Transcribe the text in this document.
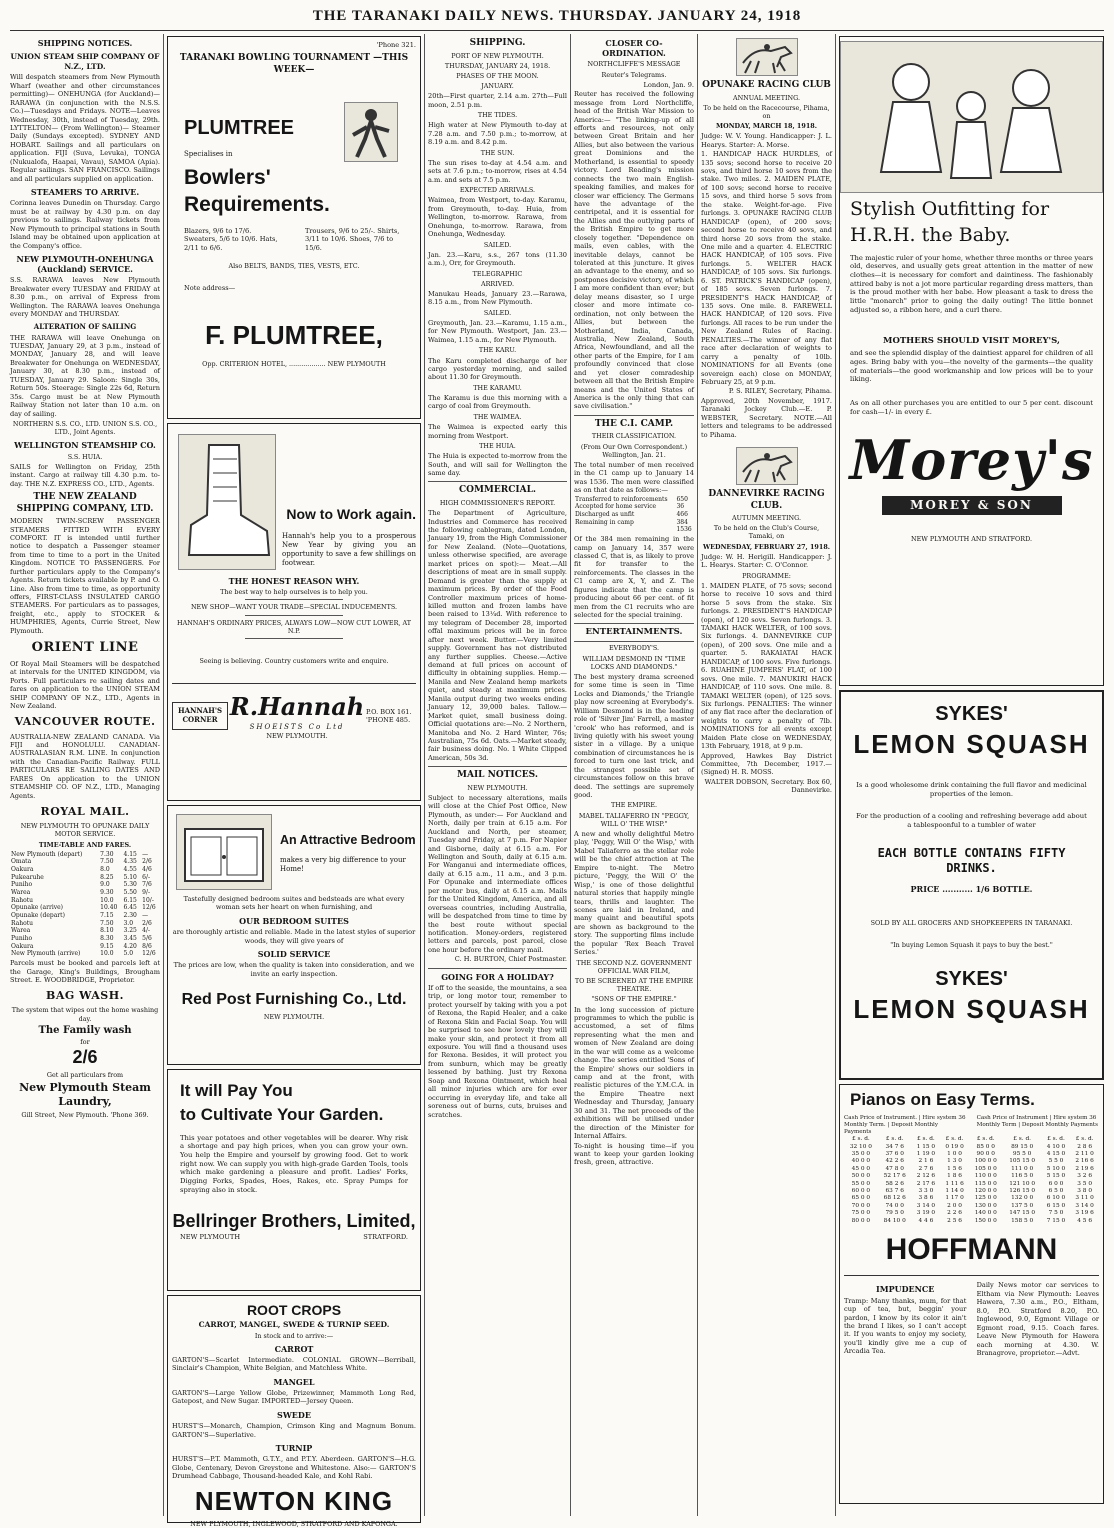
THE TARANAKI DAILY NEWS. THURSDAY. JANUARY 24, 1918
SHIPPING NOTICES.
UNION STEAM SHIP COMPANY OF N.Z., LTD.
Will despatch steamers from New Plymouth Wharf (weather and other circumstances permitting)— ONEHUNGA (for Auckland)— RARAWA (in conjunction with the N.S.S. Co.)—Tuesdays and Fridays. NOTE—Leaves Wednesday, 30th, instead of Tuesday, 29th. LYTTELTON— (From Wellington)— Steamer Daily (Sundays excepted). SYDNEY AND HOBART. Sailings and all particulars on application. FIJI (Suva, Levuka), TONGA (Nukualofa, Haapai, Vavau), SAMOA (Apia). Regular sailings. SAN FRANCISCO. Sailings and all particulars supplied on application.
STEAMERS TO ARRIVE.
Corinna leaves Dunedin on Thursday. Cargo must be at railway by 4.30 p.m. on day previous to sailings. Railway tickets from New Plymouth to principal stations in South Island may be obtained upon application at the Company's office.
NEW PLYMOUTH-ONEHUNGA (Auckland) SERVICE.
S.S. RARAWA leaves New Plymouth Breakwater every TUESDAY and FRIDAY at 8.30 p.m., on arrival of Express from Wellington. The RARAWA leaves Onehunga every MONDAY and THURSDAY.
ALTERATION OF SAILING
THE RARAWA will leave Onehunga on TUESDAY, January 29, at 3 p.m., instead of MONDAY, January 28, and will leave Breakwater for Onehunga on WEDNESDAY, January 30, at 8.30 p.m., instead of TUESDAY, January 29. Saloon: Single 30s, Return 50s. Steerage: Single 22s 6d, Return 35s. Cargo must be at New Plymouth Railway Station not later than 10 a.m. on day of sailing.
NORTHERN S.S. CO., LTD. UNION S.S. CO., LTD., Joint Agents.
WELLINGTON STEAMSHIP CO.
S.S. HUIA.
SAILS for Wellington on Friday, 25th instant. Cargo at railway till 4.30 p.m. to-day. THE N.Z. EXPRESS CO., LTD., Agents.
THE NEW ZEALAND SHIPPING COMPANY, LTD.
MODERN TWIN-SCREW PASSENGER STEAMERS FITTED WITH EVERY COMFORT. IT is intended until further notice to despatch a Passenger steamer from time to time to a port in the United Kingdom. NOTICE TO PASSENGERS. For further particulars apply to the Company's Agents. Return tickets available by P. and O. Line. Also from time to time, as opportunity offers, FIRST-CLASS INSULATED CARGO STEAMERS. For particulars as to passages, freight, etc., apply to STOCKER & HUMPHRIES, Agents, Currie Street, New Plymouth.
ORIENT LINE
Of Royal Mail Steamers will be despatched at intervals for the UNITED KINGDOM, via Ports. Full particulars re sailing dates and fares on application to the UNION STEAM SHIP COMPANY OF N.Z., LTD., Agents in New Zealand.
VANCOUVER ROUTE.
AUSTRALIA-NEW ZEALAND CANADA. Via FIJI and HONOLULU. CANADIAN-AUSTRALASIAN R.M. LINE. In conjunction with the Canadian-Pacific Railway. FULL PARTICULARS RE SAILING DATES AND FARES On application to the UNION STEAMSHIP CO. OF N.Z., LTD., Managing Agents.
ROYAL MAIL.
NEW PLYMOUTH TO OPUNAKE DAILY MOTOR SERVICE.
TIME-TABLE AND FARES.
New Plymouth (depart)	7.30	4.15	—
Omata	7.50	4.35	2/6
Oakura	8.0	4.55	4/6
Pukearuhe	8.25	5.10	6/-
Puniho	9.0	5.30	7/6
Warea	9.30	5.50	9/-
Rahotu	10.0	6.15	10/-
Opunake (arrive)	10.40	6.45	12/6
Opunake (depart)	7.15	2.30	—
Rahotu	7.50	3.0	2/6
Warea	8.10	3.25	4/-
Puniho	8.30	3.45	5/6
Oakura	9.15	4.20	8/6
New Plymouth (arrive)	10.0	5.0	12/6
Parcels must be booked and parcels left at the Garage, King's Buildings, Brougham Street. E. WOODBRIDGE, Proprietor.
BAG WASH.
The system that wipes out the home washing day.
The Family wash
for
2/6
Get all particulars from
New Plymouth Steam Laundry,
Gill Street, New Plymouth. 'Phone 369.
'Phone 321.
TARANAKI BOWLING TOURNAMENT —THIS WEEK—
PLUMTREE
Specialises in
Bowlers' Requirements.
Blazers, 9/6 to 17/6. Sweaters, 5/6 to 10/6. Hats, 2/11 to 6/6.
Trousers, 9/6 to 25/-. Shirts, 3/11 to 10/6. Shoes, 7/6 to 15/6.
Also BELTS, BANDS, TIES, VESTS, ETC.
Note address—
F. PLUMTREE,
Opp. CRITERION HOTEL, .................. NEW PLYMOUTH
Now to Work again.
Hannah's help you to a prosperous New Year by giving you an opportunity to save a few shillings on footwear.
THE HONEST REASON WHY.
The best way to help ourselves is to help you.
NEW SHOP—WANT YOUR TRADE—SPECIAL INDUCEMENTS.
HANNAH'S ORDINARY PRICES, ALWAYS LOW—NOW CUT LOWER, AT N.P.
Seeing is believing. Country customers write and enquire.
HANNAH'S CORNER R.Hannah
SHOEISTS Co Ltd
NEW PLYMOUTH.
P.O. BOX 161. 'PHONE 485.
An Attractive Bedroom
makes a very big difference to your Home!
Tastefully designed bedroom suites and bedsteads are what every woman sets her heart on when furnishing, and
OUR BEDROOM SUITES
are thoroughly artistic and reliable. Made in the latest styles of superior woods, they will give years of
SOLID SERVICE
The prices are low, when the quality is taken into consideration, and we invite an early inspection.
Red Post Furnishing Co., Ltd.
NEW PLYMOUTH.
It will Pay You
to Cultivate Your Garden.
This year potatoes and other vegetables will be dearer. Why risk a shortage and pay high prices, when you can grow your own. You help the Empire and yourself by growing food. Get to work right now. We can supply you with high-grade Garden Tools, tools which make gardening a pleasure and profit. Ladies' Forks, Digging Forks, Spades, Hoes, Rakes, etc. Spray Pumps for spraying also in stock.
Bellringer Brothers, Limited,
NEW PLYMOUTH	STRATFORD.
ROOT CROPS
CARROT, MANGEL, SWEDE & TURNIP SEED.
In stock and to arrive:—
CARROT
GARTON'S—Scarlet Intermediate. COLONIAL GROWN—Berriball, Sinclair's Champion, White Belgian, and Matchless White.
MANGEL
GARTON'S—Large Yellow Globe, Prizewinner, Mammoth Long Red, Gatepost, and New Sugar. IMPORTED—Jersey Queen.
SWEDE
HURST'S—Monarch, Champion, Crimson King and Magnum Bonum. GARTON'S—Superlative.
TURNIP
HURST'S—P.T. Mammoth, G.T.Y., and P.T.Y. Aberdeen. GARTON'S—H.G. Globe, Centenary, Devon Greystone and Whitestone. Also:— GARTON'S Drumhead Cabbage, Thousand-headed Kale, and Kohl Rabi.
NEWTON KING
NEW PLYMOUTH, INGLEWOOD, STRATFORD AND KAPONGA.
SHIPPING.
PORT OF NEW PLYMOUTH.
THURSDAY, JANUARY 24, 1918.
PHASES OF THE MOON.
JANUARY.
20th—First quarter, 2.14 a.m. 27th—Full moon, 2.51 p.m.
THE TIDES.
High water at New Plymouth to-day at 7.28 a.m. and 7.50 p.m.; to-morrow, at 8.19 a.m. and 8.42 p.m.
THE SUN.
The sun rises to-day at 4.54 a.m. and sets at 7.6 p.m.; to-morrow, rises at 4.54 a.m. and sets at 7.5 p.m.
EXPECTED ARRIVALS.
Waimea, from Westport, to-day. Karamu, from Greymouth, to-day. Huia, from Wellington, to-morrow. Rarawa, from Onehunga, to-morrow. Rarawa, from Onehunga, Wednesday.
SAILED.
Jan. 23.—Karu, s.s., 267 tons (11.30 a.m.), Orr, for Greymouth.
TELEGRAPHIC
ARRIVED.
Manukau Heads, January 23.—Rarawa, 8.15 a.m., from New Plymouth.
SAILED.
Greymouth, Jan. 23.—Karamu, 1.15 a.m., for New Plymouth. Westport, Jan. 23.—Waimea, 1.15 a.m., for New Plymouth.
THE KARU.
The Karu completed discharge of her cargo yesterday morning, and sailed about 11.30 for Greymouth.
THE KARAMU.
The Karamu is due this morning with a cargo of coal from Greymouth.
THE WAIMEA.
The Waimea is expected early this morning from Westport.
THE HUIA.
The Huia is expected to-morrow from the South, and will sail for Wellington the same day.
COMMERCIAL.
HIGH COMMISSIONER'S REPORT.
The Department of Agriculture, Industries and Commerce has received the following cablegram, dated London, January 19, from the High Commissioner for New Zealand. (Note—Quotations, unless otherwise specified, are average market prices on spot):— Meat.—All descriptions of meat are in small supply. Demand is greater than the supply at maximum prices. By order of the Food Controller maximum prices of home-killed mutton and frozen lambs have been raised to 13¼d. With reference to my telegram of December 28, imported offal maximum prices will be in force after next week. Butter.—Very limited supply. Government has not distributed any further supplies. Cheese.—Active demand at full prices on account of difficulty in obtaining supplies. Hemp.—Manila and New Zealand hemp markets quiet, and steady at maximum prices. Manila output during two weeks ending January 12, 39,000 bales. Tallow.—Market quiet, small business doing. Official quotations are:—No. 2 Northern, Manitoba and No. 2 Hard Winter, 76s; Australian, 75s 6d. Oats.—Market steady, fair business doing. No. 1 White Clipped American, 50s 3d.
MAIL NOTICES.
NEW PLYMOUTH.
Subject to necessary alterations, mails will close at the Chief Post Office, New Plymouth, as under:— For Auckland and North, daily per train at 6.15 a.m. For Auckland and North, per steamer, Tuesday and Friday, at 7 p.m. For Napier and Gisborne, daily at 6.15 a.m. For Wellington and South, daily at 6.15 a.m. For Wanganui and intermediate offices, daily at 6.15 a.m., 11 a.m., and 3 p.m. For Opunake and intermediate offices per motor bus, daily at 6.15 a.m. Mails for the United Kingdom, America, and all overseas countries, including Australia, will be despatched from time to time by the best route without special notification. Money-orders, registered letters and parcels, post parcel, close one hour before the ordinary mail.
C. H. BURTON, Chief Postmaster.
GOING FOR A HOLIDAY?
If off to the seaside, the mountains, a sea trip, or long motor tour, remember to protect yourself by taking with you a pot of Rexona, the Rapid Healer, and a cake of Rexona Skin and Facial Soap. You will be surprised to see how lovely they will make your skin, and protect it from all exposure. You will find a thousand uses for Rexona. Besides, it will protect you from sunburn, which may be greatly lessened by bathing. Just try Rexona Soap and Rexona Ointment, which heal all minor injuries which are for ever occurring in everyday life, and take all soreness out of burns, cuts, bruises and scratches.
CLOSER CO-ORDINATION.
NORTHCLIFFE'S MESSAGE
Reuter's Telegrams.
London, Jan. 9.
Reuter has received the following message from Lord Northcliffe, head of the British War Mission to America:— "The linking-up of all efforts and resources, not only between Great Britain and her Allies, but also between the various great Dominions and the Motherland, is essential to speedy victory. Lord Reading's mission connects the two main English-speaking families, and makes for closer war efficiency. The Germans have the advantage of the centripetal, and it is essential for the Allies and the outlying parts of the British Empire to get more closely together. "Dependence on mails, even cables, with the inevitable delays, cannot be tolerated at this juncture. It gives an advantage to the enemy, and so postpones decisive victory, of which I am more confident than ever; but delay means disaster, so I urge closer and more intimate co-ordination, not only between the Allies, but between the Motherland, India, Canada, Australia, New Zealand, South Africa, Newfoundland, and all the other parts of the Empire, for I am profoundly convinced that close and yet closer comradeship between all that the British Empire means and the United States of America is the only thing that can save civilisation."
THE C.I. CAMP.
THEIR CLASSIFICATION.
(From Our Own Correspondent.) Wellington, Jan. 21.
The total number of men received in the C1 camp up to January 14 was 1536. The men were classified as on that date as follows:—
Transferred to reinforcements	650
Accepted for home service	36
Discharged as unfit	466
Remaining in camp	384
	1536
Of the 384 men remaining in the camp on January 14, 357 were classed C, that is, as likely to prove fit for transfer to the reinforcements. The classes in the C1 camp are X, Y, and Z. The figures indicate that the camp is producing about 66 per cent. of fit men from the C1 recruits who are selected for the special training.
ENTERTAINMENTS.
EVERYBODY'S.
WILLIAM DESMOND IN "TIME LOCKS AND DIAMONDS."
The best mystery drama screened for some time is seen in 'Time Locks and Diamonds,' the Triangle play now screening at Everybody's. William Desmond is in the leading role of 'Silver Jim' Farrell, a master 'crook' who has reformed, and is living quietly with his sweet young sister in a village. By a unique combination of circumstances he is forced to turn one last trick, and the strangest possible set of circumstances follow on this brave deed. The settings are supremely good.
THE EMPIRE.
MABEL TALIAFERRO IN "PEGGY, WILL O' THE WISP."
A new and wholly delightful Metro play, 'Peggy, Will O' the Wisp,' with Mabel Taliaferro as the stellar role will be the chief attraction at The Empire to-night. The Metro picture, 'Peggy, the Will O' the Wisp,' is one of those delightful natural stories that happily mingle tears, thrills and laughter. The scenes are laid in Ireland, and many quaint and beautiful spots are shown as background to the story. The supporting films include the popular 'Rex Beach Travel Series.'
THE SECOND N.Z. GOVERNMENT OFFICIAL WAR FILM,
TO BE SCREENED AT THE EMPIRE THEATRE.
"SONS OF THE EMPIRE."
In the long succession of picture programmes to which the public is accustomed, a set of films representing what the men and women of New Zealand are doing in the war will come as a welcome change. The series entitled 'Sons of the Empire' shows our soldiers in camp and at the front, with realistic pictures of the Y.M.C.A. in the Empire Theatre next Wednesday and Thursday, January 30 and 31. The net proceeds of the exhibitions will be utilised under the direction of the Minister for Internal Affairs.
To-night is housing time—if you want to keep your garden looking fresh, green, attractive.
OPUNAKE RACING CLUB
ANNUAL MEETING.
To be held on the Racecourse, Pihama, on
MONDAY, MARCH 18, 1918.
Judge: W. V. Young. Handicapper: J. L. Hearys. Starter: A. Morse.
1. HANDICAP HACK HURDLES, of 135 sovs; second horse to receive 20 sovs, and third horse 10 sovs from the stake. Two miles. 2. MAIDEN PLATE, of 100 sovs; second horse to receive 15 sovs, and third horse 5 sovs from the stake. Weight-for-age. Five furlongs. 3. OPUNAKE RACING CLUB HANDICAP (open), of 200 sovs; second horse to receive 40 sovs, and third horse 20 sovs from the stake. One mile and a quarter. 4. ELECTRIC HACK HANDICAP, of 105 sovs. Five furlongs. 5. WELTER HACK HANDICAP, of 105 sovs. Six furlongs. 6. ST. PATRICK'S HANDICAP (open), of 185 sovs. Seven furlongs. 7. PRESIDENT'S HACK HANDICAP, of 135 sovs. One mile. 8. FAREWELL HACK HANDICAP, of 120 sovs. Five furlongs. All races to be run under the New Zealand Rules of Racing. PENALTIES.—The winner of any flat race after declaration of weights to carry a penalty of 10lb. NOMINATIONS for all Events (one sovereign each) close on MONDAY, February 25, at 9 p.m.
P. S. RILEY, Secretary, Pihama.
Approved, 20th November, 1917. Taranaki Jockey Club.—E. P. WEBSTER, Secretary. NOTE.—All letters and telegrams to be addressed to Pihama.
DANNEVIRKE RACING CLUB.
AUTUMN MEETING.
To be held on the Club's Course, Tamaki, on
WEDNESDAY, FEBRUARY 27, 1918.
Judge: W. H. Herigill. Handicapper: J. L. Hearys. Starter: C. O'Connor.
PROGRAMME:
1. MAIDEN PLATE, of 75 sovs; second horse to receive 10 sovs and third horse 5 sovs from the stake. Six furlongs. 2. PRESIDENT'S HANDICAP (open), of 120 sovs. Seven furlongs. 3. TAMAKI HACK WELTER, of 100 sovs. Six furlongs. 4. DANNEVIRKE CUP (open), of 200 sovs. One mile and a quarter. 5. RAKAIATAI HACK HANDICAP, of 100 sovs. Five furlongs. 6. RUAHINE JUMPERS' FLAT, of 100 sovs. One mile. 7. MANUKIRI HACK HANDICAP, of 110 sovs. One mile. 8. TAMAKI WELTER (open), of 125 sovs. Six furlongs. PENALTIES: The winner of any flat race after the declaration of weights to carry a penalty of 7lb. NOMINATIONS for all events except Maiden Plate close on WEDNESDAY, 13th February, 1918, at 9 p.m.
Approved, Hawkes Bay District Committee, 7th December, 1917.—(Signed) H. R. MOSS.
WALTER DOBSON, Secretary. Box 60, Dannevirke.
Stylish Outfitting for
H.R.H. the Baby.
The majestic ruler of your home, whether three months or three years old, deserves, and usually gets great attention in the matter of new clothes—it is necessary for comfort and daintiness. The fashionably attired baby is not a jot more particular regarding dress matters, than is the proud mother with her babe. How pleasant a task to dress the little "monarch" prior to going the daily outing! The little bonnet adjusted so, a ribbon here, and a curl there.
MOTHERS SHOULD VISIT MOREY'S,
and see the splendid display of the daintiest apparel for children of all ages. Bring baby with you—the novelty of the garments—the quality of materials—the good workmanship and low prices will be to your liking.
As on all other purchases you are entitled to our 5 per cent. discount for cash—1/- in every £.
Morey's
MOREY & SON
NEW PLYMOUTH AND STRATFORD.
SYKES'
LEMON SQUASH
Is a good wholesome drink containing the full flavor and medicinal properties of the lemon.
For the production of a cooling and refreshing beverage add about a tablespoonful to a tumbler of water
EACH BOTTLE CONTAINS FIFTY DRINKS.
PRICE ........... 1/6 BOTTLE.
SOLD BY ALL GROCERS AND SHOPKEEPERS IN TARANAKI.
"In buying Lemon Squash it pays to buy the best."
SYKES'
LEMON SQUASH
Pianos on Easy Terms.
Cash Price of Instrument. | Hire system 36 Monthly Term. | Deposit Monthly Payments
Cash Price of Instrument | Hire system 36 Monthly Term | Deposit Monthly Payments
£ s. d.	£ s. d.	£ s. d.	£ s. d.	£ s. d.	£ s. d.	£ s. d.	£ s. d.
32 10 0	34 7 6	1 15 0	0 19 0	85 0 0	89 15 0	4 10 0	2 8 6
35 0 0	37 6 0	1 19 0	1 0 0	90 0 0	95 5 0	4 15 0	2 11 0
40 0 0	42 2 6	2 1 6	1 3 0	100 0 0	105 15 0	5 5 0	2 16 6
45 0 0	47 8 0	2 7 6	1 5 6	105 0 0	111 0 0	5 10 0	2 19 6
50 0 0	52 17 6	2 12 6	1 8 6	110 0 0	116 5 0	5 15 0	3 2 6
55 0 0	58 2 6	2 17 6	1 11 6	115 0 0	121 10 0	6 0 0	3 5 0
60 0 0	63 7 6	3 3 0	1 14 0	120 0 0	126 15 0	6 5 0	3 8 0
65 0 0	68 12 6	3 8 6	1 17 0	125 0 0	132 0 0	6 10 0	3 11 0
70 0 0	74 0 0	3 14 0	2 0 0	130 0 0	137 5 0	6 15 0	3 14 0
75 0 0	79 5 0	3 19 0	2 2 6	140 0 0	147 15 0	7 5 0	3 19 6
80 0 0	84 10 0	4 4 6	2 5 6	150 0 0	158 5 0	7 15 0	4 5 6
HOFFMANN
IMPUDENCE
Tramp: Many thanks, mum, for that cup of tea, but, beggin' your pardon, I know by its color it ain't the brand I likes, so I can't accept it. If you wants to enjoy my society, you'll kindly give me a cup of Arcadia Tea.
Daily News motor car services to Eltham via New Plymouth: Leaves Hawera, 7.30 a.m., P.O., Eltham, 8.0, P.O. Stratford 8.20, P.O. Inglewood, 9.0, Egmont Village or Egmont road, 9.15. Coach fares. Leave New Plymouth for Hawera each morning at 4.30. W. Branagrove, proprietor.—Advt.
